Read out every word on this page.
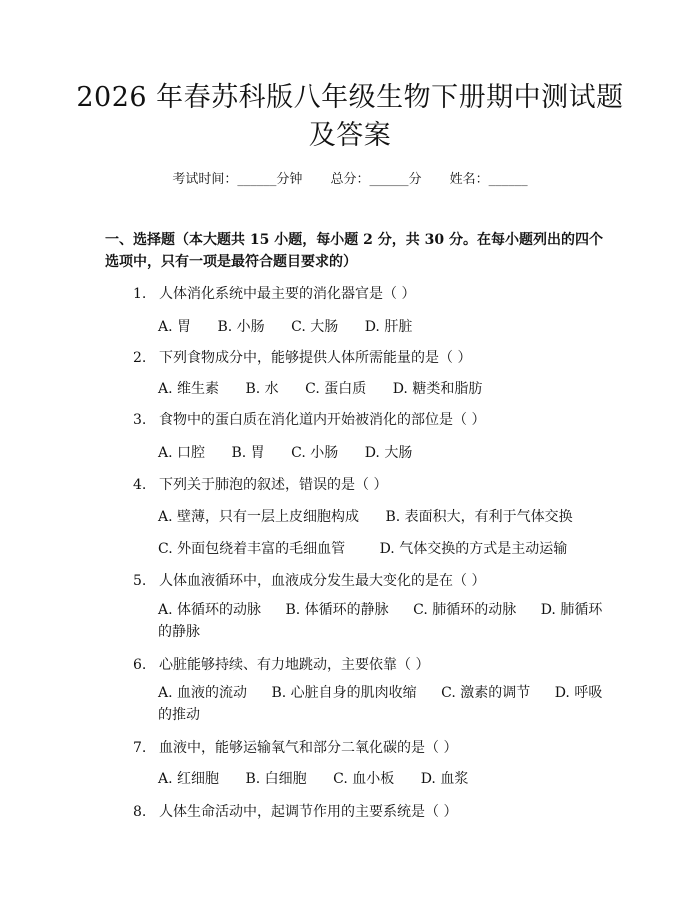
2026 年春苏科版八年级生物下册期中测试题
及答案
考试时间：______分钟 总分：______分 姓名：______
一、选择题（本大题共 15 小题，每小题 2 分，共 30 分。在每小题列出的四个选项中，只有一项是最符合题目要求的）
1. 人体消化系统中最主要的消化器官是（ ）
A. 胃 B. 小肠 C. 大肠 D. 肝脏
2. 下列食物成分中，能够提供人体所需能量的是（ ）
A. 维生素 B. 水 C. 蛋白质 D. 糖类和脂肪
3. 食物中的蛋白质在消化道内开始被消化的部位是（ ）
A. 口腔 B. 胃 C. 小肠 D. 大肠
4. 下列关于肺泡的叙述，错误的是（ ）
A. 壁薄，只有一层上皮细胞构成 B. 表面积大，有利于气体交换
C. 外面包绕着丰富的毛细血管 D. 气体交换的方式是主动运输
5. 人体血液循环中，血液成分发生最大变化的是在（ ）
A. 体循环的动脉 B. 体循环的静脉 C. 肺循环的动脉 D. 肺循环的静脉
6. 心脏能够持续、有力地跳动，主要依靠（ ）
A. 血液的流动 B. 心脏自身的肌肉收缩 C. 激素的调节 D. 呼吸的推动
7. 血液中，能够运输氧气和部分二氧化碳的是（ ）
A. 红细胞 B. 白细胞 C. 血小板 D. 血浆
8. 人体生命活动中，起调节作用的主要系统是（ ）
